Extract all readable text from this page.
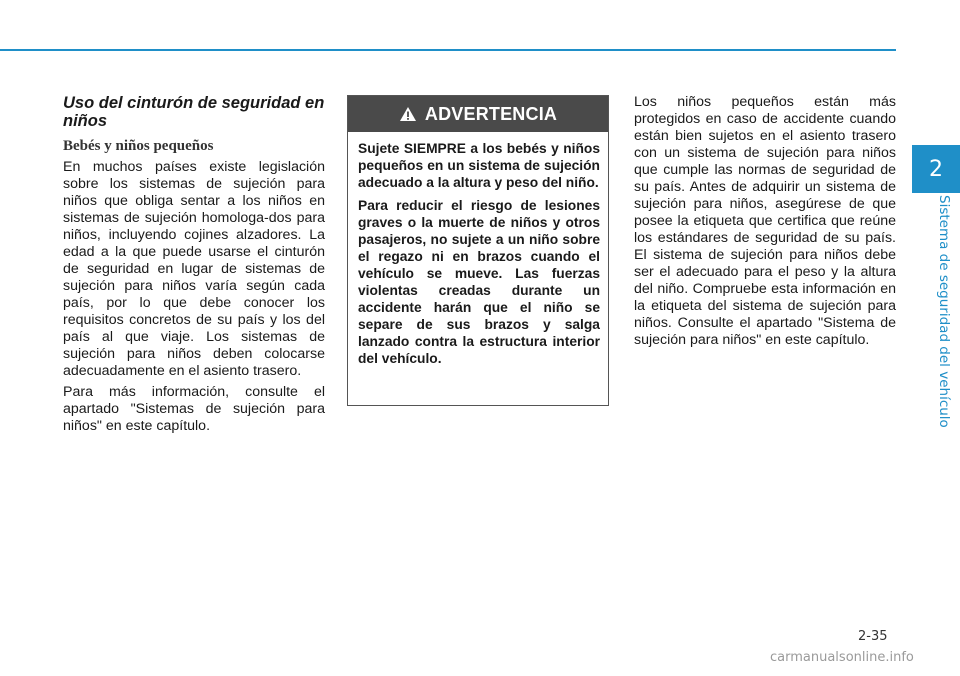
2
Sistema de seguridad del vehículo
Uso del cinturón de seguridad en niños
Bebés y niños pequeños

En muchos países existe legislación sobre los sistemas de sujeción para niños que obliga sentar a los niños en sistemas de sujeción homologa-dos para niños, incluyendo cojines alzadores. La edad a la que puede usarse el cinturón de seguridad en lugar de sistemas de sujeción para niños varía según cada país, por lo que debe conocer los requisitos concretos de su país y los del país al que viaje. Los sistemas de sujeción para niños deben colocarse adecuadamente en el asiento trasero.

Para más información, consulte el apartado "Sistemas de sujeción para niños" en este capítulo.

ADVERTENCIA

Sujete SIEMPRE a los bebés y niños pequeños en un sistema de sujeción adecuado a la altura y peso del niño.

Para reducir el riesgo de lesiones graves o la muerte de niños y otros pasajeros, no sujete a un niño sobre el regazo ni en brazos cuando el vehículo se mueve. Las fuerzas violentas creadas durante un accidente harán que el niño se separe de sus brazos y salga lanzado contra la estructura interior del vehículo.

Los niños pequeños están más protegidos en caso de accidente cuando están bien sujetos en el asiento trasero con un sistema de sujeción para niños que cumple las normas de seguridad de su país. Antes de adquirir un sistema de sujeción para niños, asegúrese de que posee la etiqueta que certifica que reúne los estándares de seguridad de su país. El sistema de sujeción para niños debe ser el adecuado para el peso y la altura del niño. Compruebe esta información en la etiqueta del sistema de sujeción para niños. Consulte el apartado "Sistema de sujeción para niños" en este capítulo.

2-35
carmanualsonline.info
